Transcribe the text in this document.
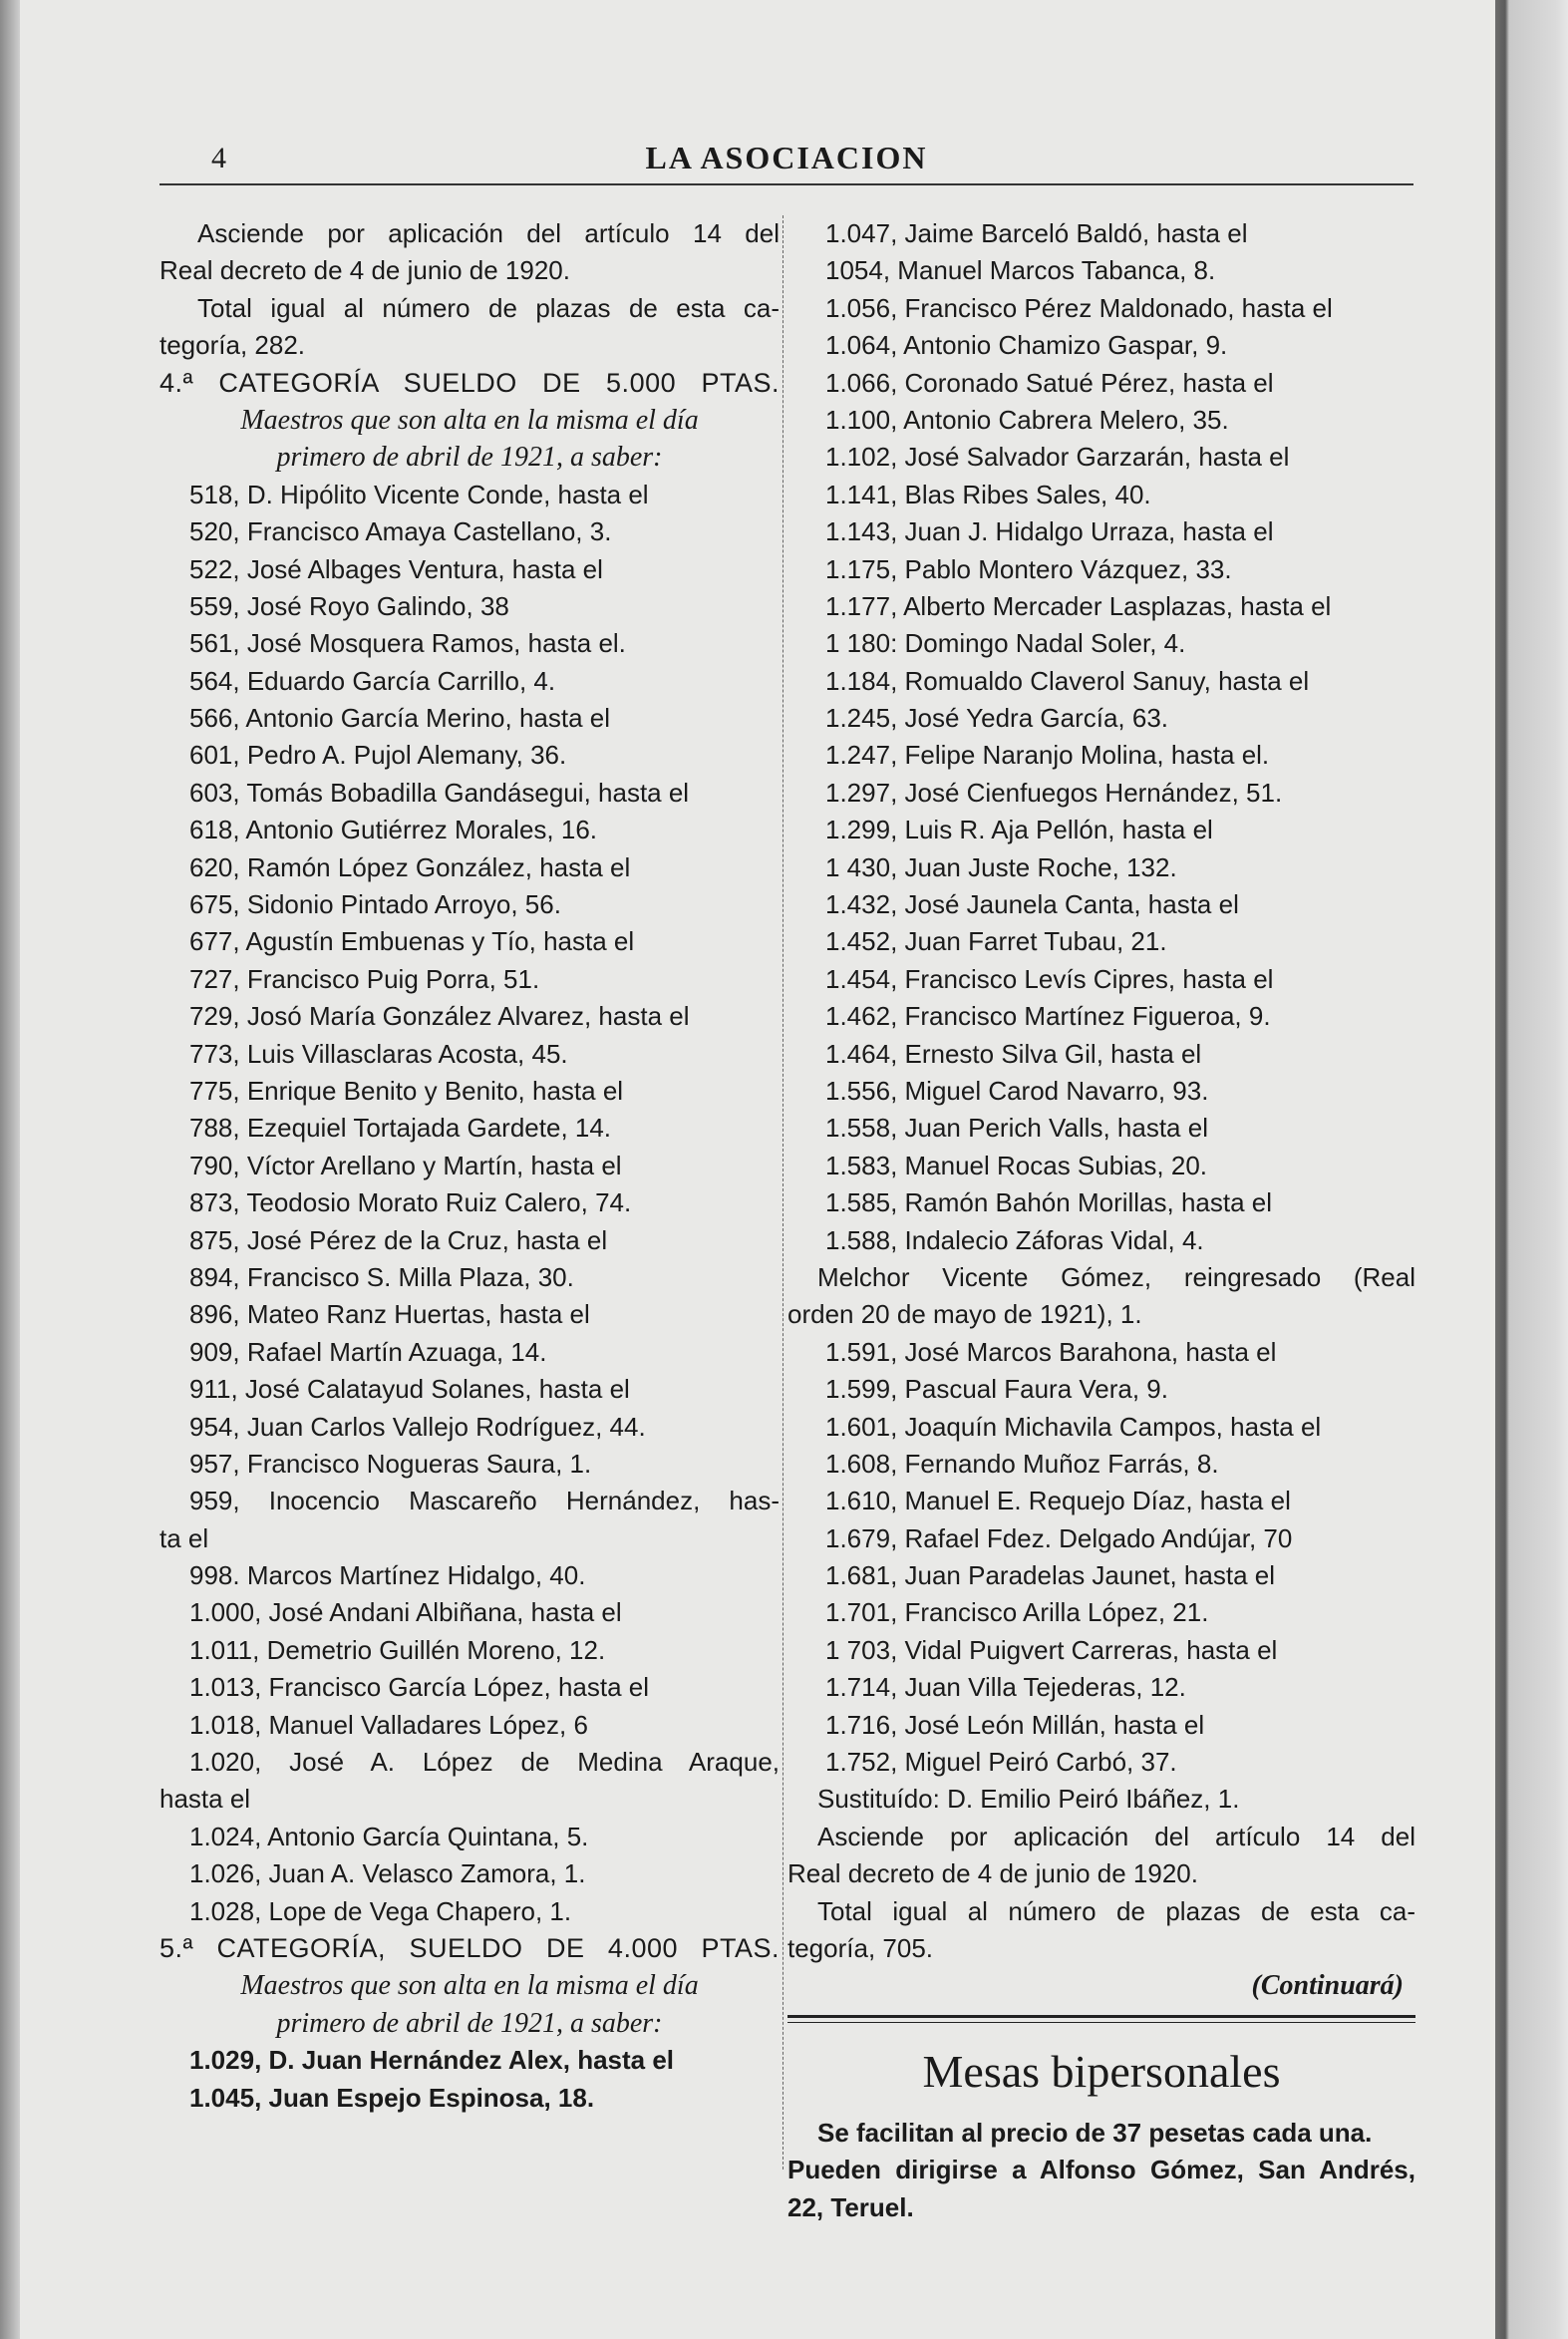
4	LA ASOCIACION
Asciende por aplicación del artículo 14 del
Real decreto de 4 de junio de 1920.
Total igual al número de plazas de esta ca-
tegoría, 282.
4.ª CATEGORÍA SUELDO DE 5.000 PTAS.
Maestros que son alta en la misma el día
primero de abril de 1921, a saber:
518, D. Hipólito Vicente Conde, hasta el
520, Francisco Amaya Castellano, 3.
522, José Albages Ventura, hasta el
559, José Royo Galindo, 38
561, José Mosquera Ramos, hasta el.
564, Eduardo García Carrillo, 4.
566, Antonio García Merino, hasta el
601, Pedro A. Pujol Alemany, 36.
603, Tomás Bobadilla Gandásegui, hasta el
618, Antonio Gutiérrez Morales, 16.
620, Ramón López González, hasta el
675, Sidonio Pintado Arroyo, 56.
677, Agustín Embuenas y Tío, hasta el
727, Francisco Puig Porra, 51.
729, Josó María González Alvarez, hasta el
773, Luis Villasclaras Acosta, 45.
775, Enrique Benito y Benito, hasta el
788, Ezequiel Tortajada Gardete, 14.
790, Víctor Arellano y Martín, hasta el
873, Teodosio Morato Ruiz Calero, 74.
875, José Pérez de la Cruz, hasta el
894, Francisco S. Milla Plaza, 30.
896, Mateo Ranz Huertas, hasta el
909, Rafael Martín Azuaga, 14.
911, José Calatayud Solanes, hasta el
954, Juan Carlos Vallejo Rodríguez, 44.
957, Francisco Nogueras Saura, 1.
959, Inocencio Mascareño Hernández, has-
ta el
998. Marcos Martínez Hidalgo, 40.
1.000, José Andani Albiñana, hasta el
1.011, Demetrio Guillén Moreno, 12.
1.013, Francisco García López, hasta el
1.018, Manuel Valladares López, 6
1.020, José A. López de Medina Araque,
hasta el
1.024, Antonio García Quintana, 5.
1.026, Juan A. Velasco Zamora, 1.
1.028, Lope de Vega Chapero, 1.
5.ª CATEGORÍA, SUELDO DE 4.000 PTAS.
Maestros que son alta en la misma el día
primero de abril de 1921, a saber:
1.029, D. Juan Hernández Alex, hasta el
1.045, Juan Espejo Espinosa, 18.
1.047, Jaime Barceló Baldó, hasta el
1054, Manuel Marcos Tabanca, 8.
1.056, Francisco Pérez Maldonado, hasta el
1.064, Antonio Chamizo Gaspar, 9.
1.066, Coronado Satué Pérez, hasta el
1.100, Antonio Cabrera Melero, 35.
1.102, José Salvador Garzarán, hasta el
1.141, Blas Ribes Sales, 40.
1.143, Juan J. Hidalgo Urraza, hasta el
1.175, Pablo Montero Vázquez, 33.
1.177, Alberto Mercader Lasplazas, hasta el
1 180: Domingo Nadal Soler, 4.
1.184, Romualdo Claverol Sanuy, hasta el
1.245, José Yedra García, 63.
1.247, Felipe Naranjo Molina, hasta el.
1.297, José Cienfuegos Hernández, 51.
1.299, Luis R. Aja Pellón, hasta el
1 430, Juan Juste Roche, 132.
1.432, José Jaunela Canta, hasta el
1.452, Juan Farret Tubau, 21.
1.454, Francisco Levís Cipres, hasta el
1.462, Francisco Martínez Figueroa, 9.
1.464, Ernesto Silva Gil, hasta el
1.556, Miguel Carod Navarro, 93.
1.558, Juan Perich Valls, hasta el
1.583, Manuel Rocas Subias, 20.
1.585, Ramón Bahón Morillas, hasta el
1.588, Indalecio Záforas Vidal, 4.
Melchor Vicente Gómez, reingresado (Real
orden 20 de mayo de 1921), 1.
1.591, José Marcos Barahona, hasta el
1.599, Pascual Faura Vera, 9.
1.601, Joaquín Michavila Campos, hasta el
1.608, Fernando Muñoz Farrás, 8.
1.610, Manuel E. Requejo Díaz, hasta el
1.679, Rafael Fdez. Delgado Andújar, 70
1.681, Juan Paradelas Jaunet, hasta el
1.701, Francisco Arilla López, 21.
1 703, Vidal Puigvert Carreras, hasta el
1.714, Juan Villa Tejederas, 12.
1.716, José León Millán, hasta el
1.752, Miguel Peiró Carbó, 37.
Sustituído: D. Emilio Peiró Ibáñez, 1.
Asciende por aplicación del artículo 14 del
Real decreto de 4 de junio de 1920.
Total igual al número de plazas de esta ca-
tegoría, 705.
(Continuará)
Mesas bipersonales
Se facilitan al precio de 37 pesetas cada una.
Pueden dirigirse a Alfonso Gómez, San Andrés,
22, Teruel.
